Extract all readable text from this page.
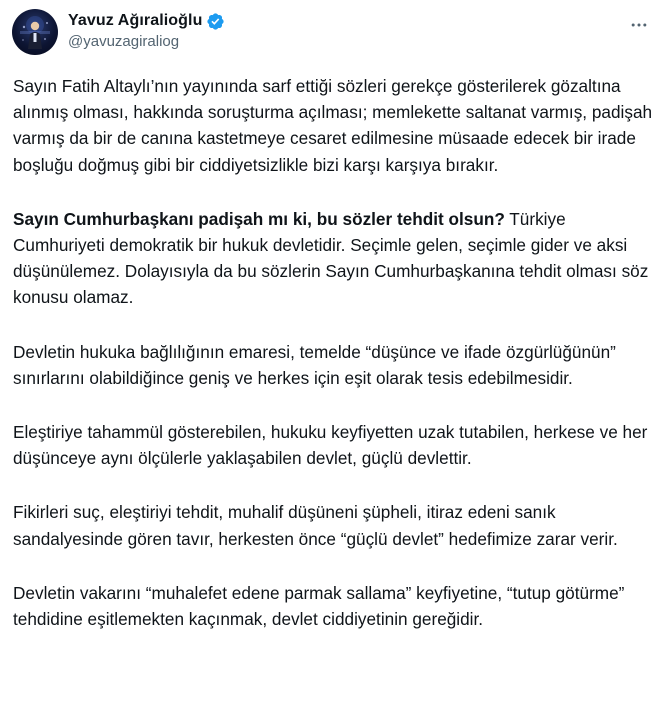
Yavuz Ağıralioğlu
@yavuzagiraliog

Sayın Fatih Altaylı’nın yayınında sarf ettiği sözleri gerekçe gösterilerek gözaltına alınmış olması, hakkında soruşturma açılması; memlekette saltanat varmış, padişah varmış da bir de canına kastetmeye cesaret edilmesine müsaade edecek bir irade boşluğu doğmuş gibi bir ciddiyetsizlikle bizi karşı karşıya bırakır.

Sayın Cumhurbaşkanı padişah mı ki, bu sözler tehdit olsun? Türkiye Cumhuriyeti demokratik bir hukuk devletidir. Seçimle gelen, seçimle gider ve aksi düşünülemez. Dolayısıyla da bu sözlerin Sayın Cumhurbaşkanına tehdit olması söz konusu olamaz.

Devletin hukuka bağlılığının emaresi, temelde “düşünce ve ifade özgürlüğünün” sınırlarını olabildiğince geniş ve herkes için eşit olarak tesis edebilmesidir.

Eleştiriye tahammül gösterebilen, hukuku keyfiyetten uzak tutabilen, herkese ve her düşünceye aynı ölçülerle yaklaşabilen devlet, güçlü devlettir.

Fikirleri suç, eleştiriyi tehdit, muhalif düşüneni şüpheli, itiraz edeni sanık sandalyesinde gören tavır, herkesten önce “güçlü devlet” hedefimize zarar verir.

Devletin vakarını “muhalefet edene parmak sallama” keyfiyetine, “tutup götürme” tehdidine eşitlemekten kaçınmak, devlet ciddiyetinin gereğidir.
